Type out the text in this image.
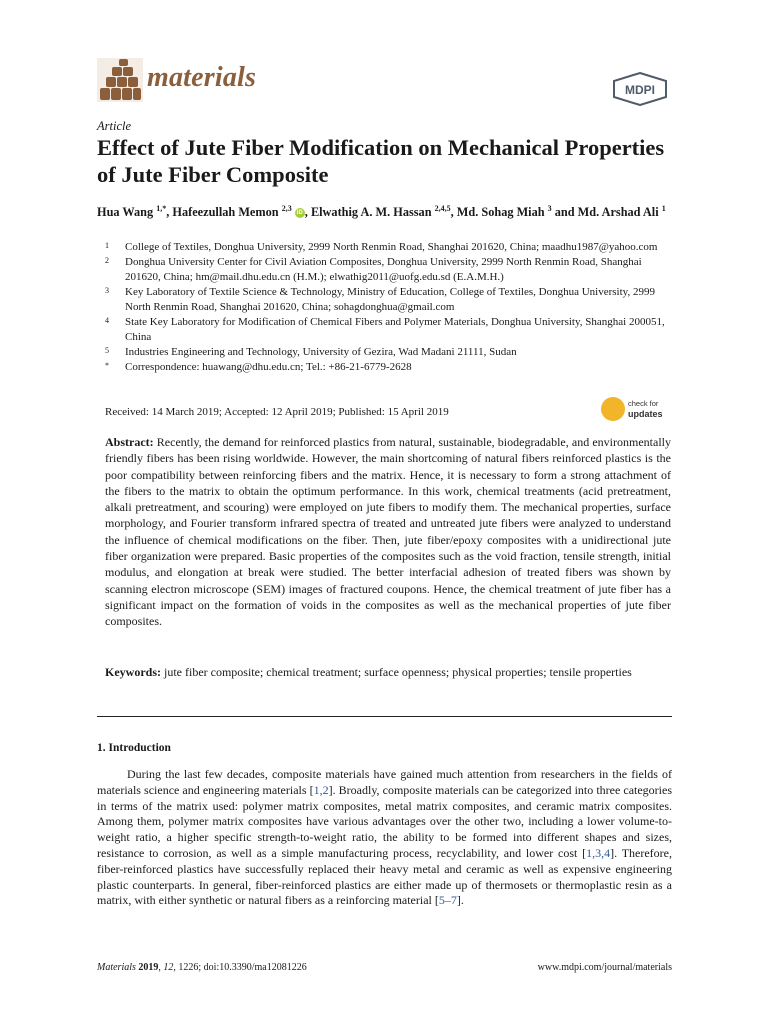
materials	MDPI
Article
Effect of Jute Fiber Modification on Mechanical Properties of Jute Fiber Composite
Hua Wang $^{1,*}$, Hafeezullah Memon $^{2,3}$ iD , Elwathig A. M. Hassan $^{2,4,5}$, Md. Sohag Miah $^3$ and Md. Arshad Ali $^1$
1 College of Textiles, Donghua University, 2999 North Renmin Road, Shanghai 201620, China; maadhu1987@yahoo.com
2 Donghua University Center for Civil Aviation Composites, Donghua University, 2999 North Renmin Road, Shanghai 201620, China; hm@mail.dhu.edu.cn (H.M.); elwathig2011@uofg.edu.sd (E.A.M.H.)
3 Key Laboratory of Textile Science & Technology, Ministry of Education, College of Textiles, Donghua University, 2999 North Renmin Road, Shanghai 201620, China; sohagdonghua@gmail.com
4 State Key Laboratory for Modification of Chemical Fibers and Polymer Materials, Donghua University, Shanghai 200051, China
5 Industries Engineering and Technology, University of Gezira, Wad Madani 21111, Sudan
* Correspondence: huawang@dhu.edu.cn; Tel.: +86-21-6779-2628
Received: 14 March 2019; Accepted: 12 April 2019; Published: 15 April 2019
check for
updates
Abstract: Recently, the demand for reinforced plastics from natural, sustainable, biodegradable, and environmentally friendly fibers has been rising worldwide. However, the main shortcoming of natural fibers reinforced plastics is the poor compatibility between reinforcing fibers and the matrix. Hence, it is necessary to form a strong attachment of the fibers to the matrix to obtain the optimum performance. In this work, chemical treatments (acid pretreatment, alkali pretreatment, and scouring) were employed on jute fibers to modify them. The mechanical properties, surface morphology, and Fourier transform infrared spectra of treated and untreated jute fibers were analyzed to understand the influence of chemical modifications on the fiber. Then, jute fiber/epoxy composites with a unidirectional jute fiber organization were prepared. Basic properties of the composites such as the void fraction, tensile strength, initial modulus, and elongation at break were studied. The better interfacial adhesion of treated fibers was shown by scanning electron microscope (SEM) images of fractured coupons. Hence, the chemical treatment of jute fiber has a significant impact on the formation of voids in the composites as well as the mechanical properties of jute fiber composites.
Keywords: jute fiber composite; chemical treatment; surface openness; physical properties; tensile properties
1. Introduction

During the last few decades, composite materials have gained much attention from researchers in the fields of materials science and engineering materials [1,2]. Broadly, composite materials can be categorized into three categories in terms of the matrix used: polymer matrix composites, metal matrix composites, and ceramic matrix composites. Among them, polymer matrix composites have various advantages over the other two, including a lower volume-to-weight ratio, a higher specific strength-to-weight ratio, the ability to be formed into different shapes and sizes, resistance to corrosion, as well as a simple manufacturing process, recyclability, and lower cost [1,3,4]. Therefore, fiber-reinforced plastics have successfully replaced their heavy metal and ceramic as well as expensive engineering plastic counterparts. In general, fiber-reinforced plastics are either made up of thermosets or thermoplastic resin as a matrix, with either synthetic or natural fibers as a reinforcing material [5–7].

Materials 2019, 12, 1226; doi:10.3390/ma12081226	www.mdpi.com/journal/materials
